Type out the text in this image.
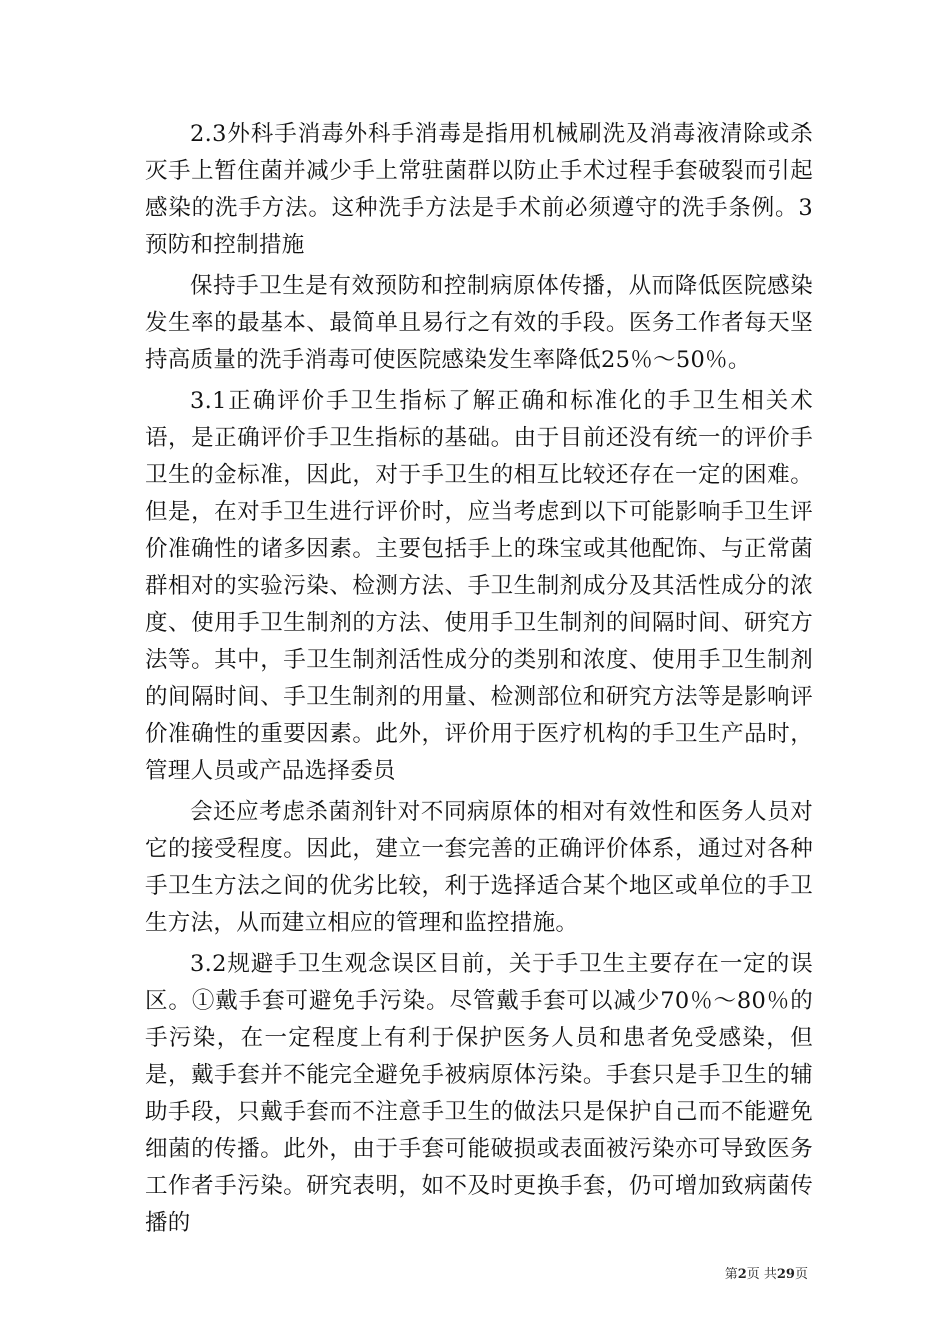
2.3外科手消毒外科手消毒是指用机械刷洗及消毒液清除或杀灭手上暂住菌并减少手上常驻菌群以防止手术过程手套破裂而引起感染的洗手方法。这种洗手方法是手术前必须遵守的洗手条例。3 预防和控制措施

保持手卫生是有效预防和控制病原体传播，从而降低医院感染发生率的最基本、最简单且易行之有效的手段。医务工作者每天坚持高质量的洗手消毒可使医院感染发生率降低25％～50％。

3.1正确评价手卫生指标了解正确和标准化的手卫生相关术语，是正确评价手卫生指标的基础。由于目前还没有统一的评价手卫生的金标准，因此，对于手卫生的相互比较还存在一定的困难。但是，在对手卫生进行评价时，应当考虑到以下可能影响手卫生评价准确性的诸多因素。主要包括手上的珠宝或其他配饰、与正常菌群相对的实验污染、检测方法、手卫生制剂成分及其活性成分的浓度、使用手卫生制剂的方法、使用手卫生制剂的间隔时间、研究方法等。其中，手卫生制剂活性成分的类别和浓度、使用手卫生制剂的间隔时间、手卫生制剂的用量、检测部位和研究方法等是影响评价准确性的重要因素。此外，评价用于医疗机构的手卫生产品时，管理人员或产品选择委员

会还应考虑杀菌剂针对不同病原体的相对有效性和医务人员对它的接受程度。因此，建立一套完善的正确评价体系，通过对各种手卫生方法之间的优劣比较，利于选择适合某个地区或单位的手卫生方法，从而建立相应的管理和监控措施。

3.2规避手卫生观念误区目前，关于手卫生主要存在一定的误区。①戴手套可避免手污染。尽管戴手套可以减少70％～80％的手污染，在一定程度上有利于保护医务人员和患者免受感染，但是，戴手套并不能完全避免手被病原体污染。手套只是手卫生的辅助手段，只戴手套而不注意手卫生的做法只是保护自己而不能避免细菌的传播。此外，由于手套可能破损或表面被污染亦可导致医务工作者手污染。研究表明，如不及时更换手套，仍可增加致病菌传播的

第2页 共29页
